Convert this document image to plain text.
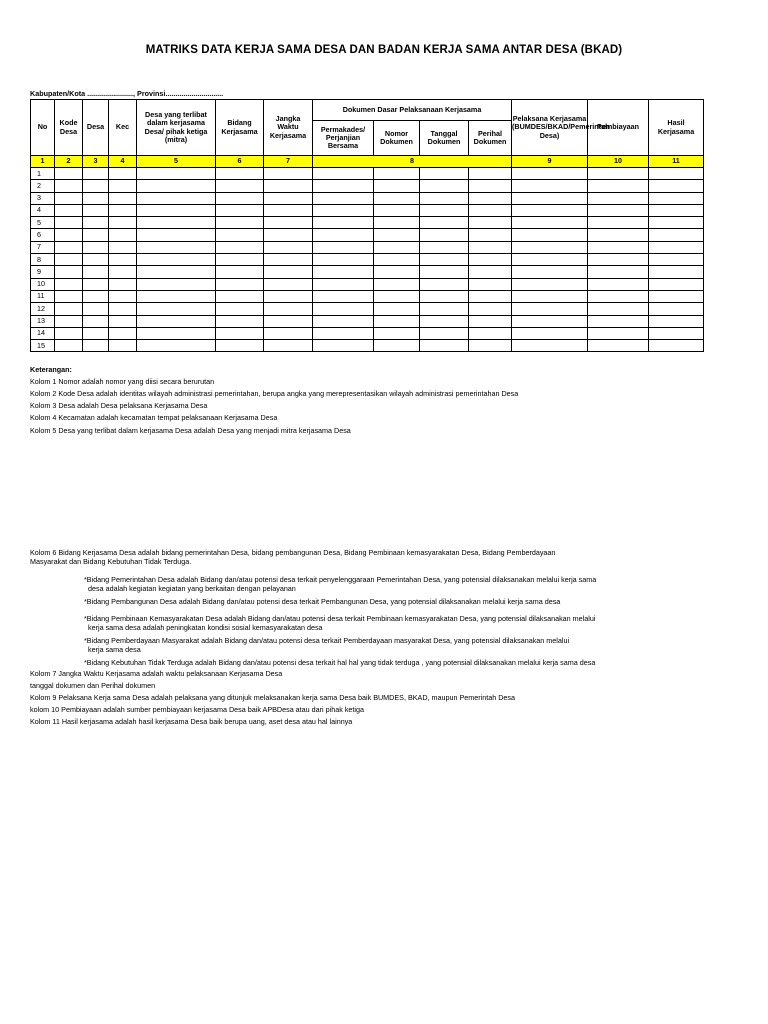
MATRIKS DATA KERJA SAMA DESA DAN BADAN KERJA SAMA ANTAR DESA (BKAD)
Kabupaten/Kota ......................., Provinsi.............................
No	Kode Desa	Desa	Kec	Desa yang terlibat dalam kerjasama Desa/ pihak ketiga (mitra)	Bidang Kerjasama	Jangka Waktu Kerjasama	Dokumen Dasar Pelaksanaan Kerjasama				Pelaksana Kerjasama (BUMDES/BKAD/Pemerintah Desa)	Pembiayaan	Hasil Kerjasama
							Permakades/ Perjanjian Bersama	Nomor Dokumen	Tanggal Dokumen	Perihal Dokumen			
1	2	3	4	5	6	7	8				9	10	11
1													
2													
3													
4													
5													
6													
7													
8													
9													
10													
11													
12													
13													
14													
15													

Keterangan:

Kolom 1 Nomor adalah nomor yang diisi secara berurutan

Kolom 2 Kode Desa adalah identitas wilayah administrasi pemerintahan, berupa angka yang merepresentasikan wilayah administrasi pemerintahan Desa

Kolom 3 Desa adalah Desa pelaksana Kerjasama Desa

Kolom 4 Kecamatan adalah kecamatan tempat pelaksanaan Kerjasama Desa

Kolom 5 Desa yang terlibat dalam kerjasama Desa adalah Desa yang menjadi mitra kerjasama Desa

Kolom 6 Bidang Kerjasama Desa adalah bidang pemerintahan Desa, bidang pembangunan Desa, Bidang Pembinaan kemasyarakatan Desa, Bidang Pemberdayaan

Masyarakat dan Bidang Kebutuhan Tidak Terduga.

*Bidang Pemerintahan Desa adalah Bidang dan/atau potensi desa terkait penyelenggaraan Pemerintahan Desa, yang potensial dilaksanakan melalui kerja sama

desa adalah kegiatan kegiatan yang berkaitan dengan pelayanan

*Bidang Pembangunan Desa adalah Bidang dan/atau potensi desa terkait Pembangunan Desa, yang potensial dilaksanakan melalui kerja sama desa

*Bidang Pembinaan Kemasyarakatan Desa adalah Bidang dan/atau potensi desa terkait Pembinaan kemasyarakatan Desa, yang potensial dilaksanakan melalui

kerja sama desa adalah peningkatan kondisi sosial kemasyarakatan desa

*Bidang Pemberdayaan Masyarakat adalah Bidang dan/atau potensi desa terkait Pemberdayaan masyarakat Desa, yang potensial dilaksanakan melalui

kerja sama desa

*Bidang Kebutuhan Tidak Terduga adalah Bidang dan/atau potensi desa terkait hal hal yang tidak terduga , yang potensial dilaksanakan melalui kerja sama desa

Kolom 7 Jangka Waktu Kerjasama adalah waktu pelaksanaan Kerjasama Desa

tanggal dokumen dan Perihal dokumen

Kolom 9 Pelaksana Kerja sama Desa adalah pelaksana yang ditunjuk melaksanakan kerja sama Desa baik BUMDES, BKAD, maupun Pemerintah Desa

kolom 10 Pembiayaan adalah sumber pembiayaan kerjasama Desa baik APBDesa atau dari pihak ketiga

Kolom 11 Hasil kerjasama adalah hasil kerjasama Desa baik berupa uang, aset desa atau hal lainnya
